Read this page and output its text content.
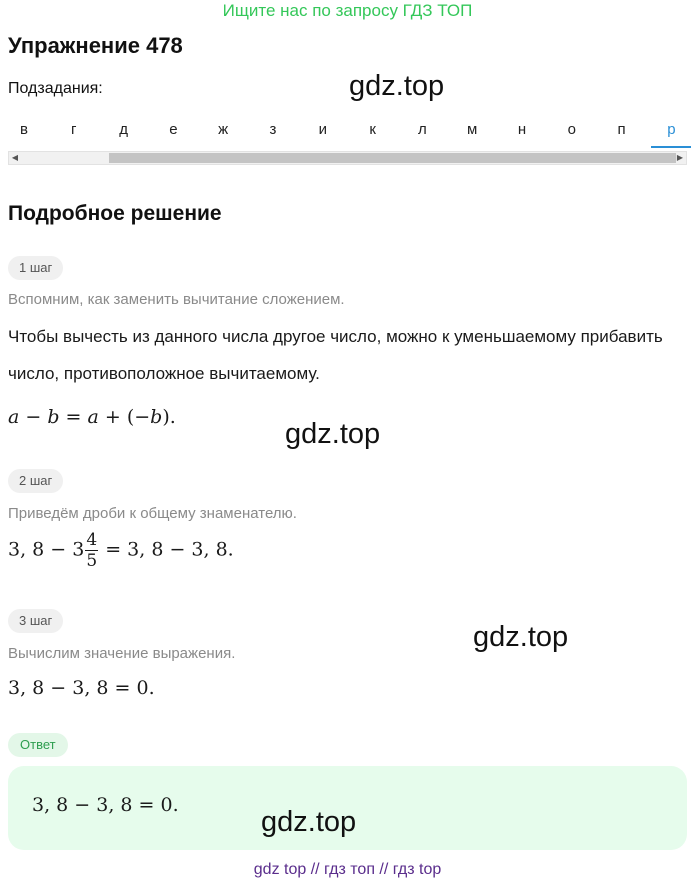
Ищите нас по запросу ГДЗ ТОП
Упражнение 478
Подзадания:
в	г	д	е	ж	з	и	к	л	м	н	о	п	р
◀	▶
Подробное решение
1 шаг
Вспомним, как заменить вычитание сложением.
Чтобы вычесть из данного числа другое число, можно к уменьшаемому прибавить число, противоположное вычитаемому.
a − b = a + (−b).
2 шаг
Приведём дроби к общему знаменателю.
3, $8 - 3 \frac{4}{5} = 3$, 8 − 3, 8.
3 шаг
Вычислим значение выражения.
3, 8 − 3, 8 = 0.
Ответ
3, 8 − 3, 8 = 0.
gdz.top
gdz.top
gdz.top
gdz.top
gdz top // гдз топ // гдз top
